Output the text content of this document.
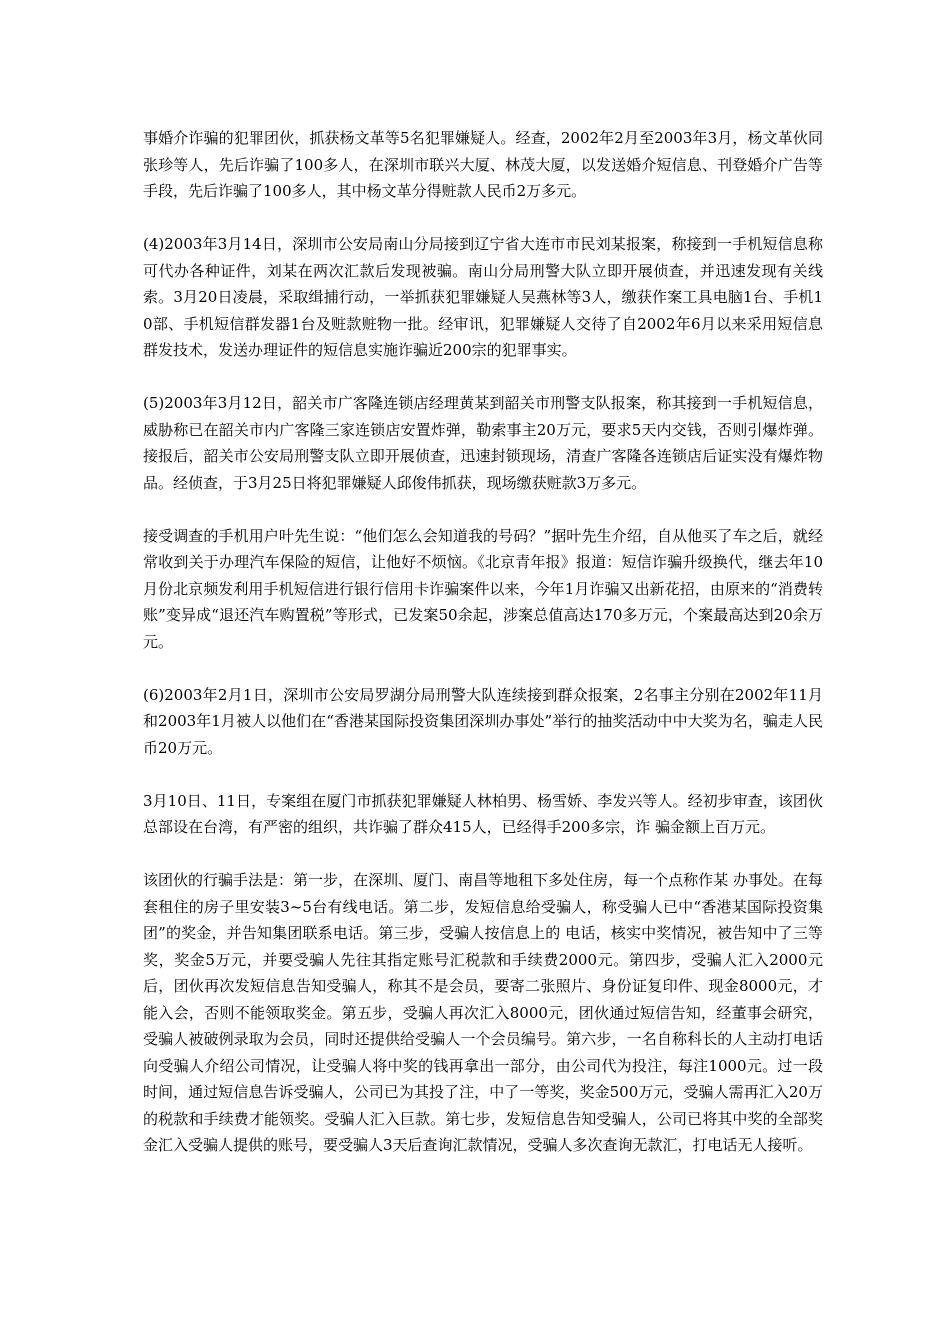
事婚介诈骗的犯罪团伙，抓获杨文革等5名犯罪嫌疑人。经查，2002年2月至2003年3月，杨文革伙同张珍等人，先后诈骗了100多人，在深圳市联兴大厦、林茂大厦，以发送婚介短信息、刊登婚介广告等手段，先后诈骗了100多人，其中杨文革分得赃款人民币2万多元。

(4)2003年3月14日，深圳市公安局南山分局接到辽宁省大连市市民刘某报案，称接到一手机短信息称可代办各种证件，刘某在两次汇款后发现被骗。南山分局刑警大队立即开展侦查，并迅速发现有关线索。3月20日凌晨，采取缉捕行动，一举抓获犯罪嫌疑人吴燕林等3人，缴获作案工具电脑1台、手机10部、手机短信群发器1台及赃款赃物一批。经审讯，犯罪嫌疑人交待了自2002年6月以来采用短信息群发技术，发送办理证件的短信息实施诈骗近200宗的犯罪事实。

(5)2003年3月12日，韶关市广客隆连锁店经理黄某到韶关市刑警支队报案，称其接到一手机短信息，威胁称已在韶关市内广客隆三家连锁店安置炸弹，勒索事主20万元，要求5天内交钱，否则引爆炸弹。接报后，韶关市公安局刑警支队立即开展侦查，迅速封锁现场，清查广客隆各连锁店后证实没有爆炸物品。经侦查，于3月25日将犯罪嫌疑人邱俊伟抓获，现场缴获赃款3万多元。

接受调查的手机用户叶先生说：“他们怎么会知道我的号码？”据叶先生介绍，自从他买了车之后，就经常收到关于办理汽车保险的短信，让他好不烦恼。《北京青年报》报道：短信诈骗升级换代，继去年10月份北京频发利用手机短信进行银行信用卡诈骗案件以来，今年1月诈骗又出新花招，由原来的“消费转账”变异成“退还汽车购置税”等形式，已发案50余起，涉案总值高达170多万元，个案最高达到20余万元。

(6)2003年2月1日，深圳市公安局罗湖分局刑警大队连续接到群众报案，2名事主分别在2002年11月和2003年1月被人以他们在“香港某国际投资集团深圳办事处”举行的抽奖活动中中大奖为名，骗走人民币20万元。

3月10日、11日，专案组在厦门市抓获犯罪嫌疑人林柏男、杨雪娇、李发兴等人。经初步审查，该团伙总部设在台湾，有严密的组织，共诈骗了群众415人，已经得手200多宗，诈 骗金额上百万元。

该团伙的行骗手法是：第一步，在深圳、厦门、南昌等地租下多处住房，每一个点称作某 办事处。在每套租住的房子里安装3~5台有线电话。第二步，发短信息给受骗人，称受骗人已中“香港某国际投资集团”的奖金，并告知集团联系电话。第三步，受骗人按信息上的 电话，核实中奖情况，被告知中了三等奖，奖金5万元，并要受骗人先往其指定账号汇税款和手续费2000元。第四步，受骗人汇入2000元后，团伙再次发短信息告知受骗人，称其不是会员，要寄二张照片、身份证复印件、现金8000元，才能入会，否则不能领取奖金。第五步，受骗人再次汇入8000元，团伙通过短信告知，经董事会研究，受骗人被破例录取为会员，同时还提供给受骗人一个会员编号。第六步，一名自称科长的人主动打电话向受骗人介绍公司情况，让受骗人将中奖的钱再拿出一部分，由公司代为投注，每注1000元。过一段时间，通过短信息告诉受骗人，公司已为其投了注，中了一等奖，奖金500万元，受骗人需再汇入20万的税款和手续费才能领奖。受骗人汇入巨款。第七步，发短信息告知受骗人，公司已将其中奖的全部奖金汇入受骗人提供的账号，要受骗人3天后查询汇款情况，受骗人多次查询无款汇，打电话无人接听。
